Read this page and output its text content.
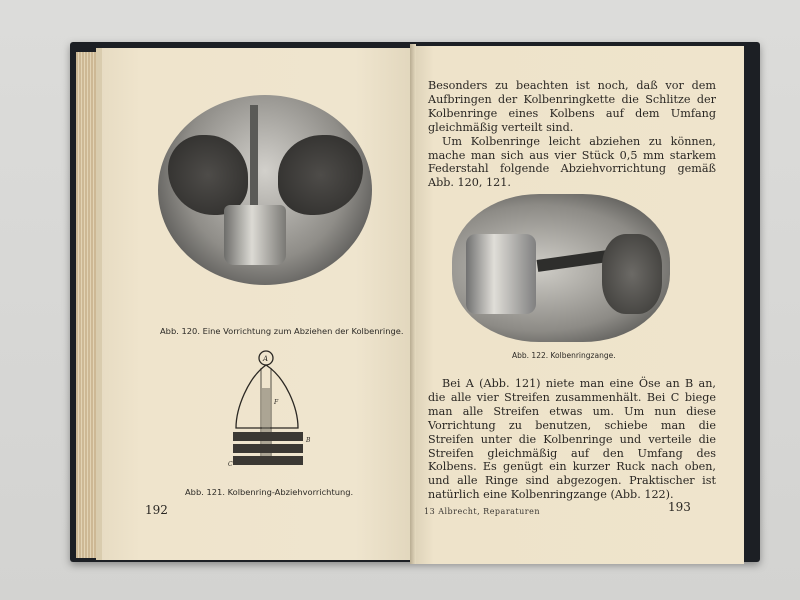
Abb. 120. Eine Vorrichtung zum Abziehen der Kolbenringe.
A
F
B
C
Abb. 121. Kolbenring-Abziehvorrichtung.
192

Besonders zu beachten ist noch, daß vor dem Aufbringen der Kolbenringkette die Schlitze der Kolbenringe eines Kolbens auf dem Umfang gleichmäßig verteilt sind.

Um Kolbenringe leicht abziehen zu können, mache man sich aus vier Stück 0,5 mm starkem Federstahl folgende Abziehvorrichtung gemäß Abb. 120, 121.

Abb. 122. Kolbenringzange.

Bei A (Abb. 121) niete man eine Öse an B an, die alle vier Streifen zusammenhält. Bei C biege man alle Streifen etwas um. Um nun diese Vorrichtung zu benutzen, schiebe man die Streifen unter die Kolbenringe und verteile die Streifen gleichmäßig auf den Umfang des Kolbens. Es genügt ein kurzer Ruck nach oben, und alle Ringe sind abgezogen. Praktischer ist natürlich eine Kolbenringzange (Abb. 122).

13 Albrecht, Reparaturen	193
